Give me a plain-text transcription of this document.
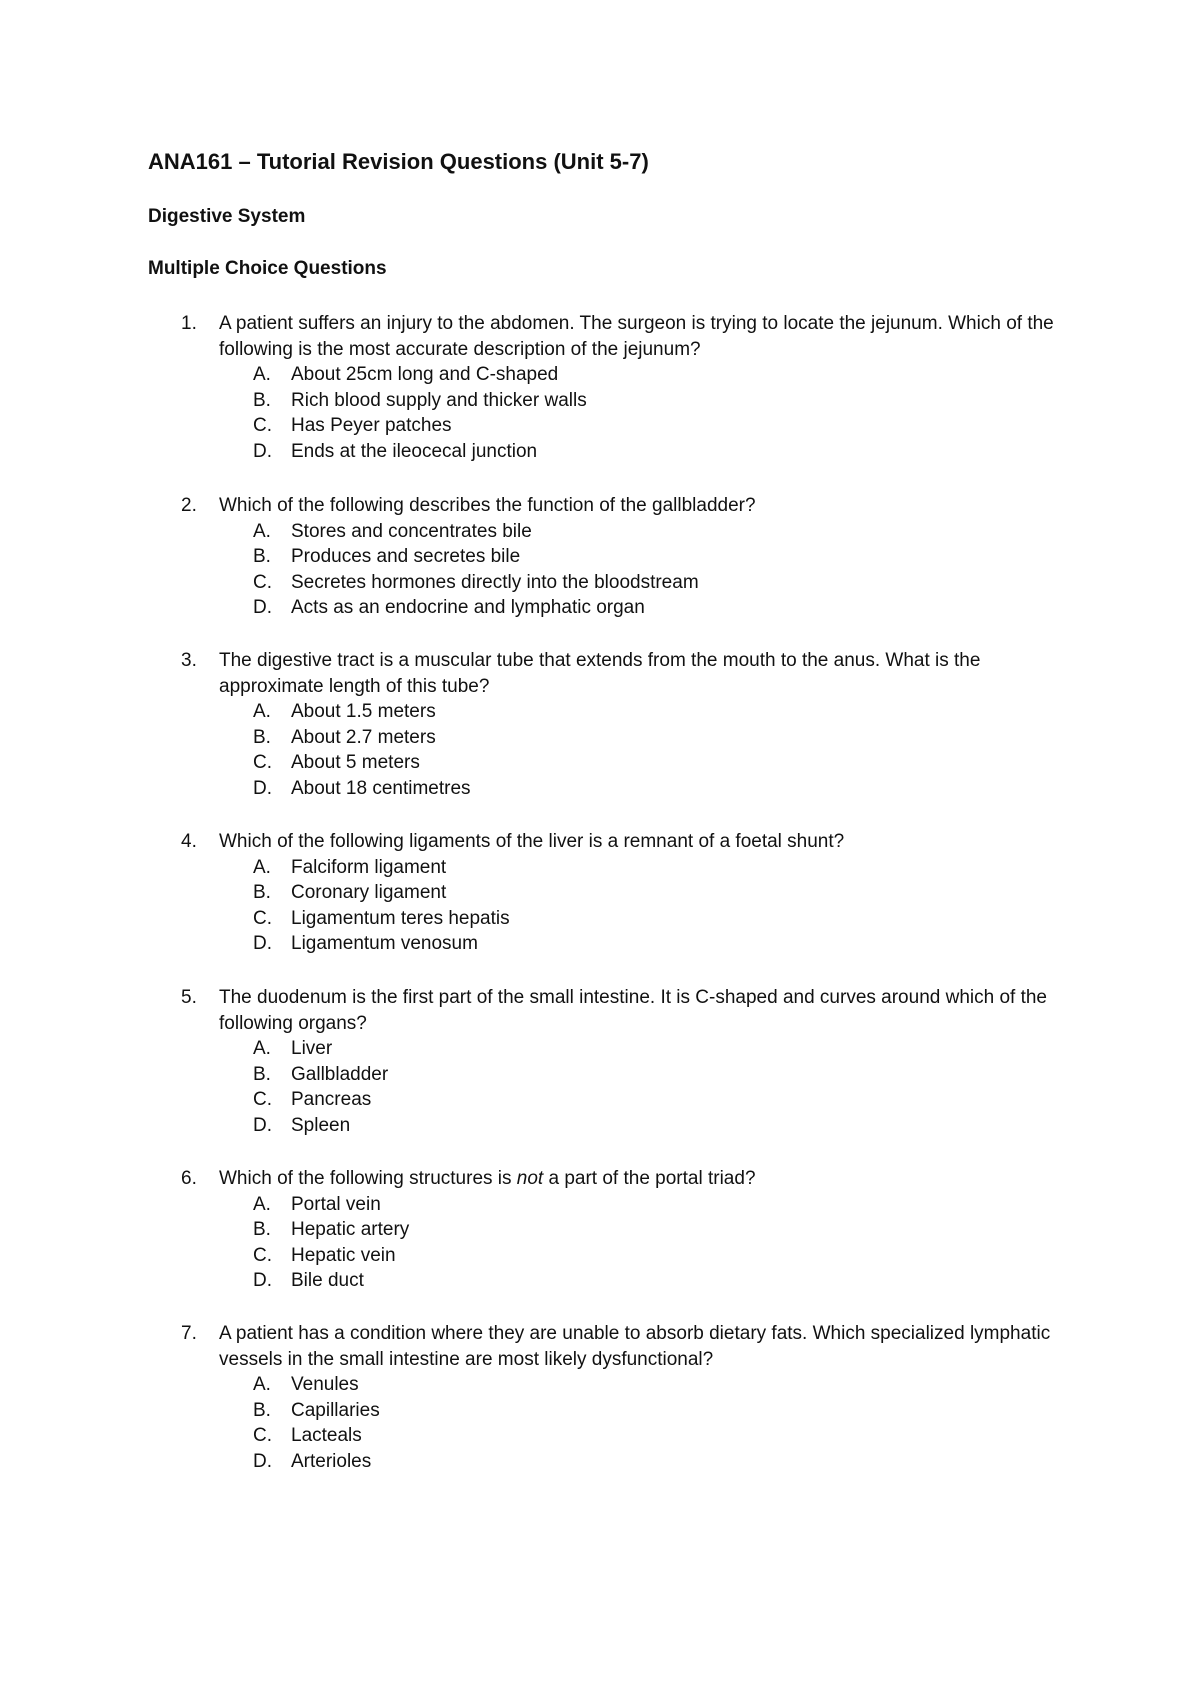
ANA161 – Tutorial Revision Questions (Unit 5-7)
Digestive System
Multiple Choice Questions
1. A patient suffers an injury to the abdomen. The surgeon is trying to locate the jejunum. Which of the following is the most accurate description of the jejunum?
A. About 25cm long and C-shaped
B. Rich blood supply and thicker walls
C. Has Peyer patches
D. Ends at the ileocecal junction
2. Which of the following describes the function of the gallbladder?
A. Stores and concentrates bile
B. Produces and secretes bile
C. Secretes hormones directly into the bloodstream
D. Acts as an endocrine and lymphatic organ
3. The digestive tract is a muscular tube that extends from the mouth to the anus. What is the approximate length of this tube?
A. About 1.5 meters
B. About 2.7 meters
C. About 5 meters
D. About 18 centimetres
4. Which of the following ligaments of the liver is a remnant of a foetal shunt?
A. Falciform ligament
B. Coronary ligament
C. Ligamentum teres hepatis
D. Ligamentum venosum
5. The duodenum is the first part of the small intestine. It is C-shaped and curves around which of the following organs?
A. Liver
B. Gallbladder
C. Pancreas
D. Spleen
6. Which of the following structures is not a part of the portal triad?
A. Portal vein
B. Hepatic artery
C. Hepatic vein
D. Bile duct
7. A patient has a condition where they are unable to absorb dietary fats. Which specialized lymphatic vessels in the small intestine are most likely dysfunctional?
A. Venules
B. Capillaries
C. Lacteals
D. Arterioles
